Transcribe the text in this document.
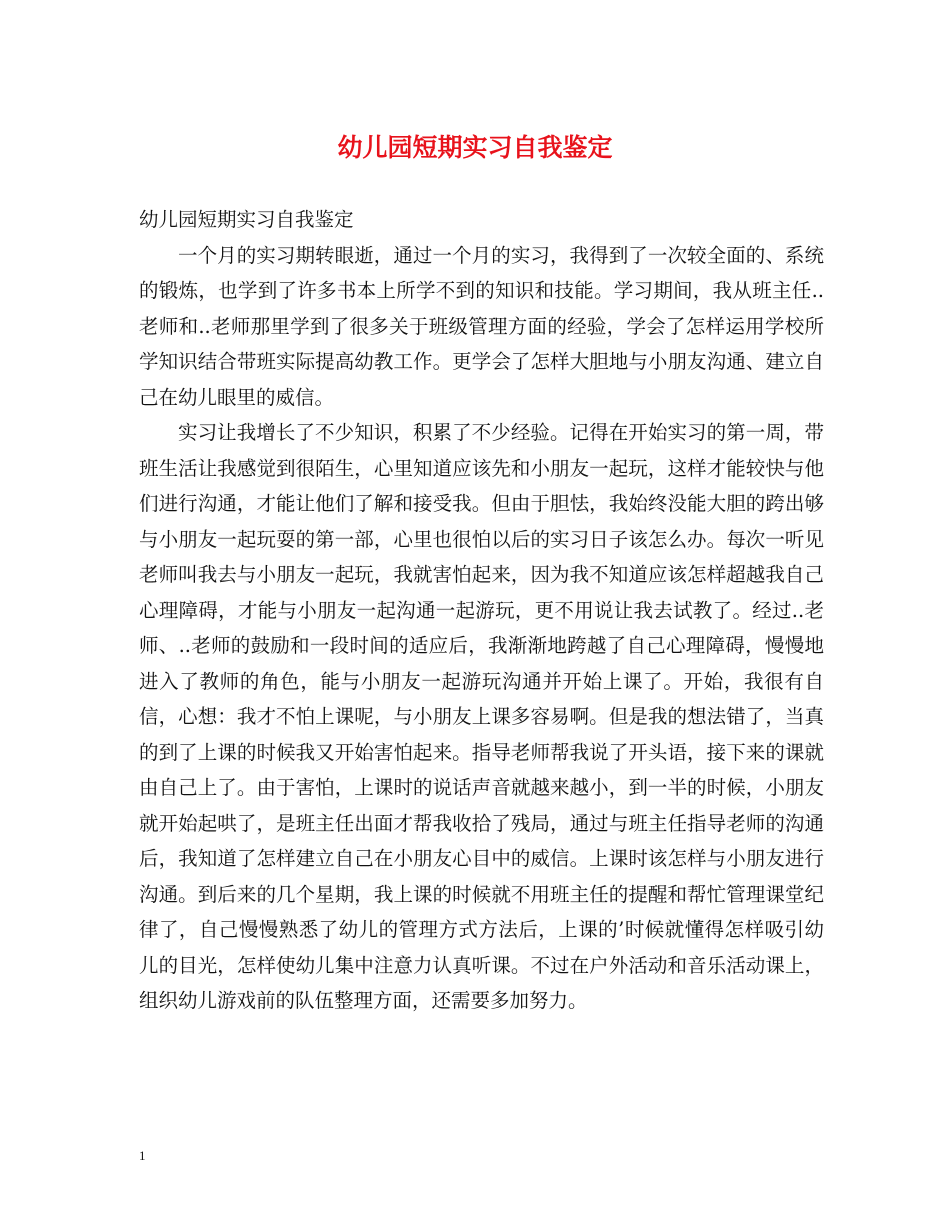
幼儿园短期实习自我鉴定

幼儿园短期实习自我鉴定

一个月的实习期转眼逝，通过一个月的实习，我得到了一次较全面的、系统的锻炼，也学到了许多书本上所学不到的知识和技能。学习期间，我从班主任..老师和..老师那里学到了很多关于班级管理方面的经验，学会了怎样运用学校所学知识结合带班实际提高幼教工作。更学会了怎样大胆地与小朋友沟通、建立自己在幼儿眼里的威信。

实习让我增长了不少知识，积累了不少经验。记得在开始实习的第一周，带班生活让我感觉到很陌生，心里知道应该先和小朋友一起玩，这样才能较快与他们进行沟通，才能让他们了解和接受我。但由于胆怯，我始终没能大胆的跨出够与小朋友一起玩耍的第一部，心里也很怕以后的实习日子该怎么办。每次一听见老师叫我去与小朋友一起玩，我就害怕起来，因为我不知道应该怎样超越我自己心理障碍，才能与小朋友一起沟通一起游玩，更不用说让我去试教了。经过..老师、..老师的鼓励和一段时间的适应后，我渐渐地跨越了自己心理障碍，慢慢地进入了教师的角色，能与小朋友一起游玩沟通并开始上课了。开始，我很有自信，心想：我才不怕上课呢，与小朋友上课多容易啊。但是我的想法错了，当真的到了上课的时候我又开始害怕起来。指导老师帮我说了开头语，接下来的课就由自己上了。由于害怕，上课时的说话声音就越来越小，到一半的时候，小朋友就开始起哄了，是班主任出面才帮我收拾了残局，通过与班主任指导老师的沟通后，我知道了怎样建立自己在小朋友心目中的威信。上课时该怎样与小朋友进行沟通。到后来的几个星期，我上课的时候就不用班主任的提醒和帮忙管理课堂纪律了，自己慢慢熟悉了幼儿的管理方式方法后，上课的’时候就懂得怎样吸引幼儿的目光，怎样使幼儿集中注意力认真听课。不过在户外活动和音乐活动课上，组织幼儿游戏前的队伍整理方面，还需要多加努力。

1
